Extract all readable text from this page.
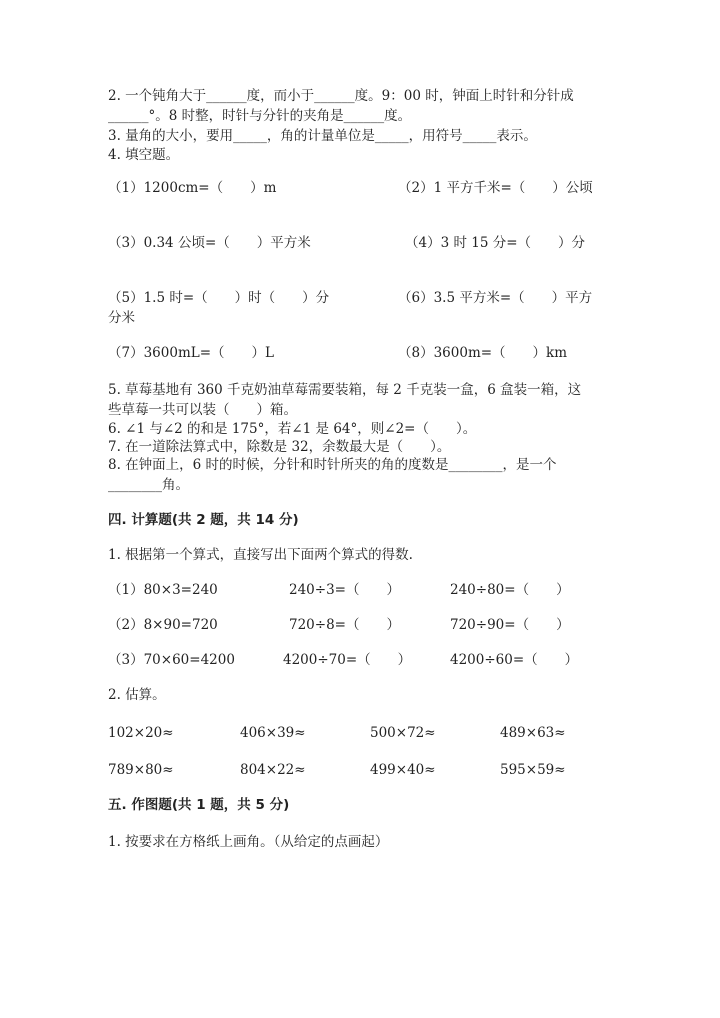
2. 一个钝角大于______度，而小于______度。9：00 时，钟面上时针和分针成
______°。8 时整，时针与分针的夹角是______度。
3. 量角的大小，要用_____，角的计量单位是_____，用符号_____表示。
4. 填空题。
（1）1200cm=（　　）m	（2）1 平方千米=（　　）公顷
（3）0.34 公顷=（　　）平方米	（4）3 时 15 分=（　　）分
（5）1.5 时=（　　）时（　　）分	（6）3.5 平方米=（　　）平方
分米
（7）3600mL=（　　）L	（8）3600m=（　　）km
5. 草莓基地有 360 千克奶油草莓需要装箱，每 2 千克装一盒，6 盒装一箱，这
些草莓一共可以装（　　）箱。
6. ∠1 与∠2 的和是 175°，若∠1 是 64°，则∠2=（　　）。
7. 在一道除法算式中，除数是 32，余数最大是（　　）。
8. 在钟面上，6 时的时候，分针和时针所夹的角的度数是________，是一个
________角。
四. 计算题(共 2 题，共 14 分)
1. 根据第一个算式，直接写出下面两个算式的得数.
（1）80×3=240	240÷3=（　　）	240÷80=（　　）
（2）8×90=720	720÷8=（　　）	720÷90=（　　）
（3）70×60=4200	4200÷70=（　　）	4200÷60=（　　）
2. 估算。
102×20≈	406×39≈	500×72≈	489×63≈
789×80≈	804×22≈	499×40≈	595×59≈
五. 作图题(共 1 题，共 5 分)
1. 按要求在方格纸上画角。（从给定的点画起）
